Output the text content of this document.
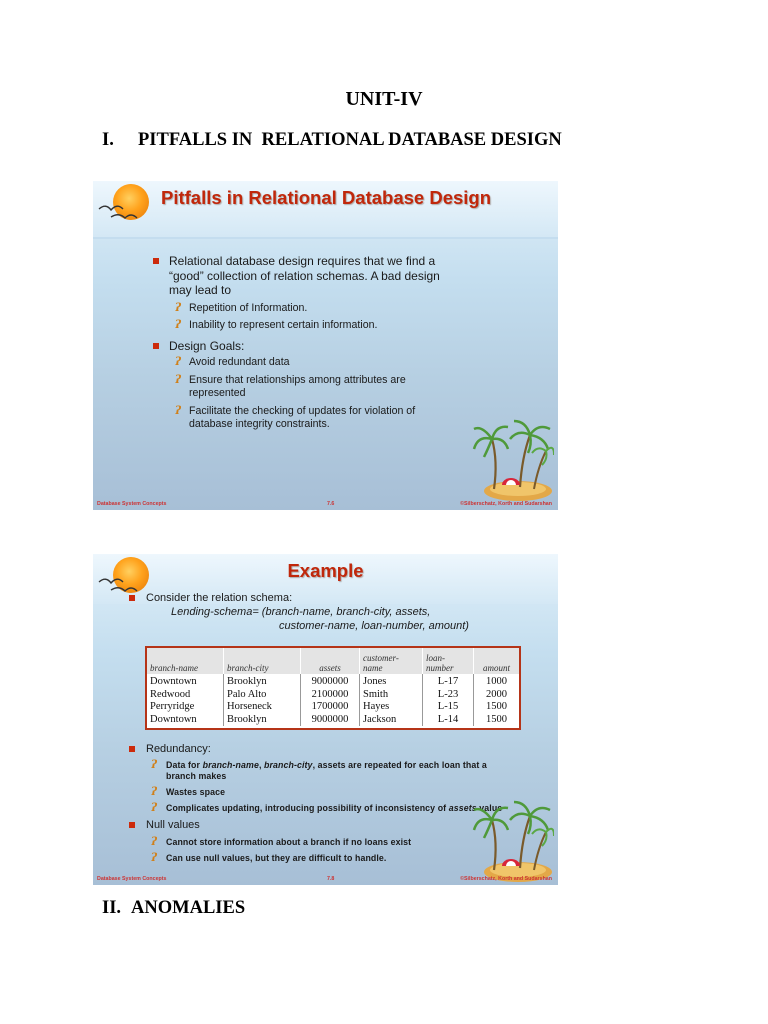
UNIT-IV
I. PITFALLS IN  RELATIONAL DATABASE DESIGN
Pitfalls in Relational Database Design
Relational database design requires that we find a
“good” collection of relation schemas. A bad design
may lead to
ʔ Repetition of Information.
ʔ Inability to represent certain information.
Design Goals:
ʔ Avoid redundant data
ʔ Ensure that relationships among attributes are
represented
ʔ Facilitate the checking of updates for violation of
database integrity constraints.
Database System Concepts	7.6	©Silberschatz, Korth and Sudarshan
Example
Consider the relation schema:
Lending-schema= (branch-name, branch-city, assets,
customer-name, loan-number, amount)
branch-name	branch-city	assets	customer-
name	loan-
number	amount
Downtown	Brooklyn	9000000	Jones	L-17	1000
Redwood	Palo Alto	2100000	Smith	L-23	2000
Perryridge	Horseneck	1700000	Hayes	L-15	1500
Downtown	Brooklyn	9000000	Jackson	L-14	1500
Redundancy:
ʔ Data for branch-name, branch-city, assets are repeated for each loan that a
branch makes
ʔ Wastes space
ʔ Complicates updating, introducing possibility of inconsistency of assets value
Null values
ʔ Cannot store information about a branch if no loans exist
ʔ Can use null values, but they are difficult to handle.
Database System Concepts	7.8	©Silberschatz, Korth and Sudarshan
II. ANOMALIES
